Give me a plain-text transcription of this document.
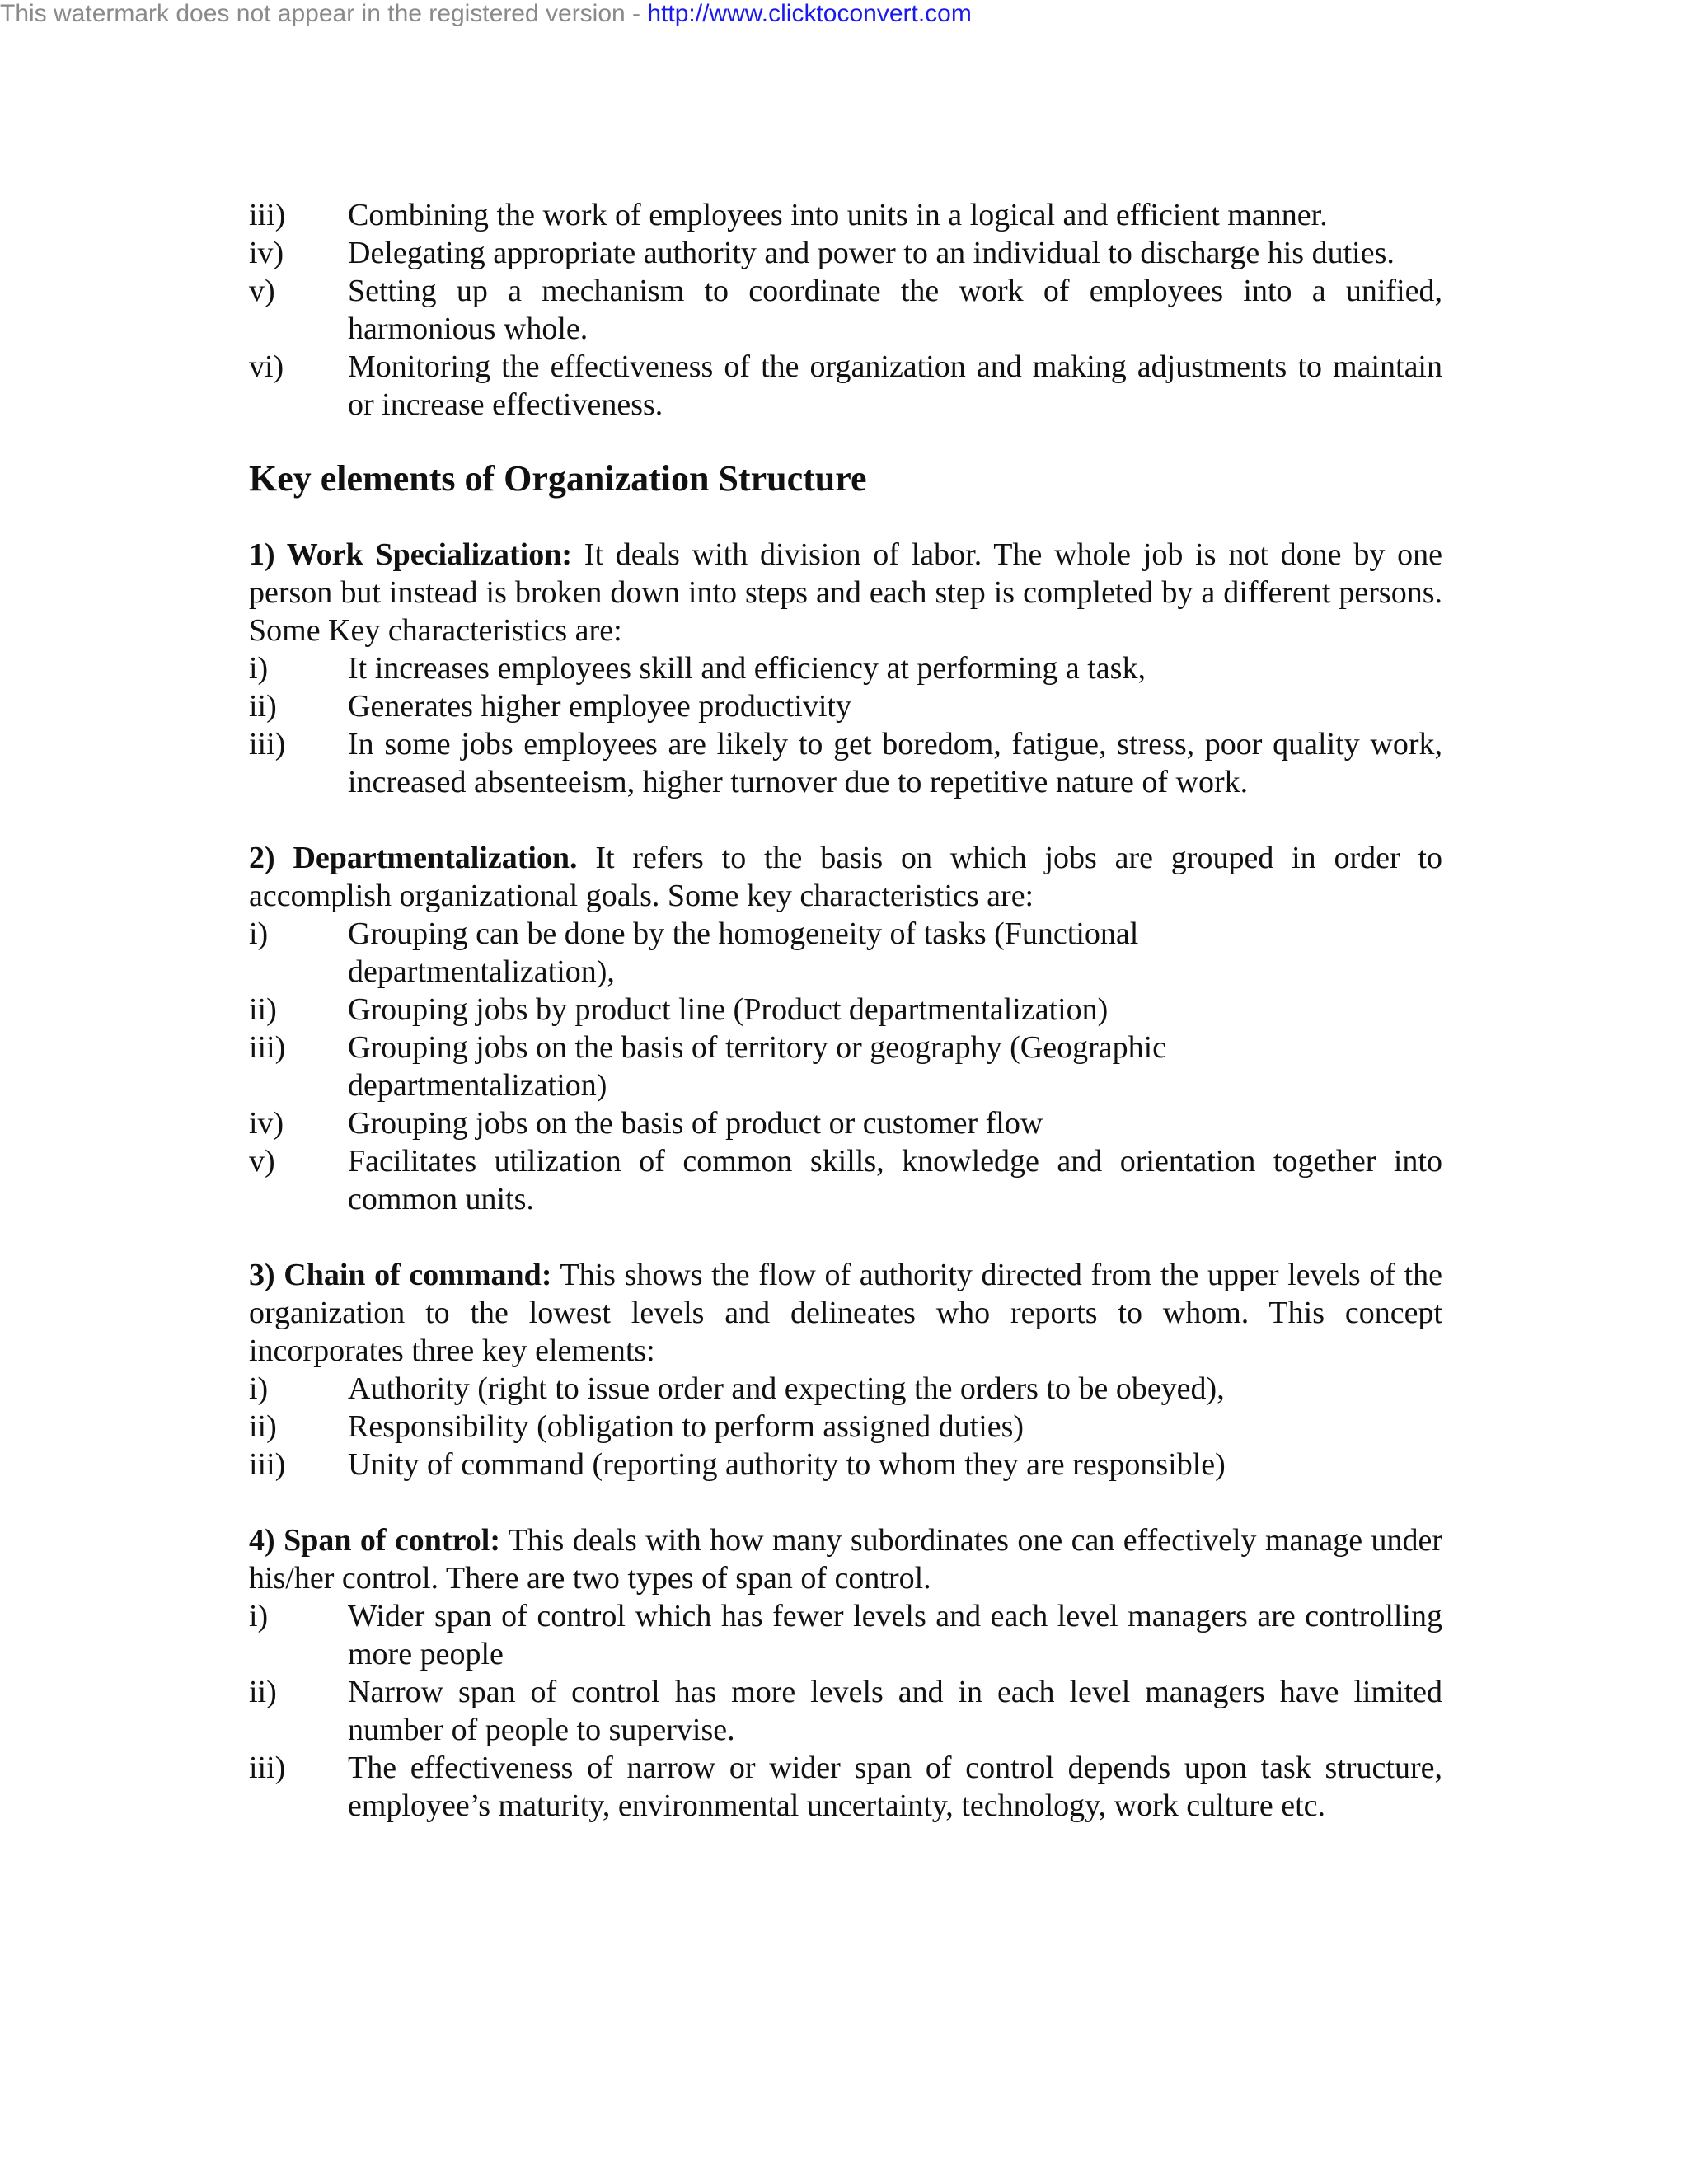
This watermark does not appear in the registered version - http://www.clicktoconvert.com
iii)	Combining the work of employees into units in a logical and efficient manner.
iv)	Delegating appropriate authority and power to an individual to discharge his duties.
v)	Setting up a mechanism to coordinate the work of employees into a unified, harmonious whole.
vi)	Monitoring the effectiveness of the organization and making adjustments to maintain or increase effectiveness.
Key elements of Organization Structure
1) Work Specialization: It deals with division of labor. The whole job is not done by one person but instead is broken down into steps and each step is completed by a different persons. Some Key characteristics are:
i)	It increases employees skill and efficiency at performing a task,
ii)	Generates higher employee productivity
iii)	In some jobs employees are likely to get boredom, fatigue, stress, poor quality work, increased absenteeism, higher turnover due to repetitive nature of work.
2) Departmentalization. It refers to the basis on which jobs are grouped in order to accomplish organizational goals. Some key characteristics are:
i)	Grouping can be done by the homogeneity of tasks (Functional departmentalization),
ii)	Grouping jobs by product line (Product departmentalization)
iii)	Grouping jobs on the basis of territory or geography (Geographic departmentalization)
iv)	Grouping jobs on the basis of product or customer flow
v)	Facilitates utilization of common skills, knowledge and orientation together into common units.
3) Chain of command: This shows the flow of authority directed from the upper levels of the organization to the lowest levels and delineates who reports to whom. This concept incorporates three key elements:
i)	Authority (right to issue order and expecting the orders to be obeyed),
ii)	Responsibility (obligation to perform assigned duties)
iii)	Unity of command (reporting authority to whom they are responsible)
4) Span of control: This deals with how many subordinates one can effectively manage under his/her control. There are two types of span of control.
i)	Wider span of control which has fewer levels and each level managers are controlling more people
ii)	Narrow span of control has more levels and in each level managers have limited number of people to supervise.
iii)	The effectiveness of narrow or wider span of control depends upon task structure, employee’s maturity, environmental uncertainty, technology, work culture etc.
